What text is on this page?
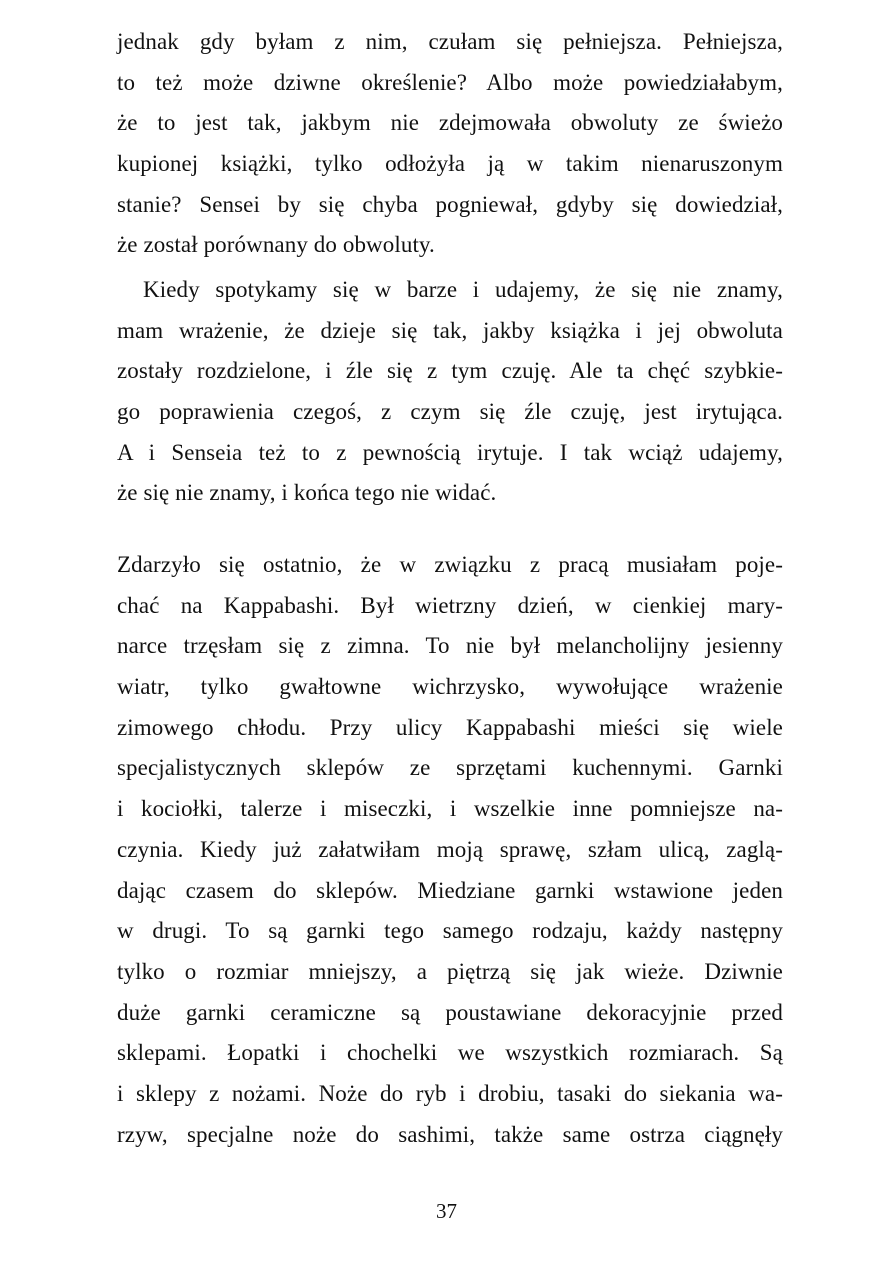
jednak gdy byłam z nim, czułam się pełniejsza. Pełniejsza,
to też może dziwne określenie? Albo może powiedziałabym,
że to jest tak, jakbym nie zdejmowała obwoluty ze świeżo
kupionej książki, tylko odłożyła ją w takim nienaruszonym
stanie? Sensei by się chyba pogniewał, gdyby się dowiedział,
że został porównany do obwoluty.
Kiedy spotykamy się w barze i udajemy, że się nie znamy,
mam wrażenie, że dzieje się tak, jakby książka i jej obwoluta
zostały rozdzielone, i źle się z tym czuję. Ale ta chęć szybkie-
go poprawienia czegoś, z czym się źle czuję, jest irytująca.
A i Senseia też to z pewnością irytuje. I tak wciąż udajemy,
że się nie znamy, i końca tego nie widać.
Zdarzyło się ostatnio, że w związku z pracą musiałam poje-
chać na Kappabashi. Był wietrzny dzień, w cienkiej mary-
narce trzęsłam się z zimna. To nie był melancholijny jesienny
wiatr, tylko gwałtowne wichrzysko, wywołujące wrażenie
zimowego chłodu. Przy ulicy Kappabashi mieści się wiele
specjalistycznych sklepów ze sprzętami kuchennymi. Garnki
i kociołki, talerze i miseczki, i wszelkie inne pomniejsze na-
czynia. Kiedy już załatwiłam moją sprawę, szłam ulicą, zaglą-
dając czasem do sklepów. Miedziane garnki wstawione jeden
w drugi. To są garnki tego samego rodzaju, każdy następny
tylko o rozmiar mniejszy, a piętrzą się jak wieże. Dziwnie
duże garnki ceramiczne są poustawiane dekoracyjnie przed
sklepami. Łopatki i chochelki we wszystkich rozmiarach. Są
i sklepy z nożami. Noże do ryb i drobiu, tasaki do siekania wa-
rzyw, specjalne noże do sashimi, także same ostrza ciągnęły
37
